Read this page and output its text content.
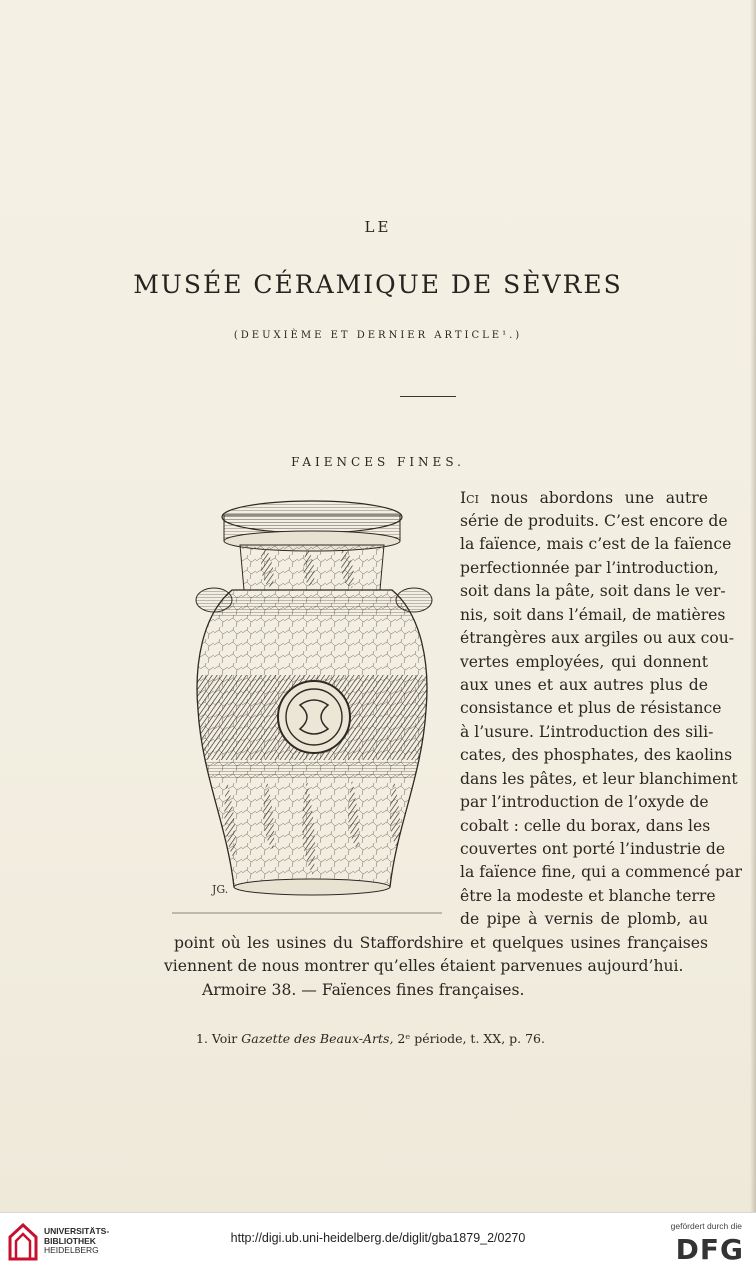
LE
MUSÉE CÉRAMIQUE DE SÈVRES
(DEUXIÈME ET DERNIER ARTICLE¹.)
FAIENCES FINES.
JG.
Ici nous abordons une autre
série de produits. C’est encore de
la faïence, mais c’est de la faïence
perfectionnée par l’introduction,
soit dans la pâte, soit dans le ver-
nis, soit dans l’émail, de matières
étrangères aux argiles ou aux cou-
vertes employées, qui donnent
aux unes et aux autres plus de
consistance et plus de résistance
à l’usure. L’introduction des sili-
cates, des phosphates, des kaolins
dans les pâtes, et leur blanchiment
par l’introduction de l’oxyde de
cobalt : celle du borax, dans les
couvertes ont porté l’industrie de
la faïence fine, qui a commencé par
être la modeste et blanche terre
de pipe à vernis de plomb, au
point où les usines du Staffordshire et quelques usines françaises
viennent de nous montrer qu’elles étaient parvenues aujourd’hui.
Armoire 38. — Faïences fines françaises.
1. Voir Gazette des Beaux-Arts, 2ᵉ période, t. XX, p. 76.
UNIVERSITÄTS-
BIBLIOTHEK
HEIDELBERG
http://digi.ub.uni-heidelberg.de/diglit/gba1879_2/0270
gefördert durch die
DFG
